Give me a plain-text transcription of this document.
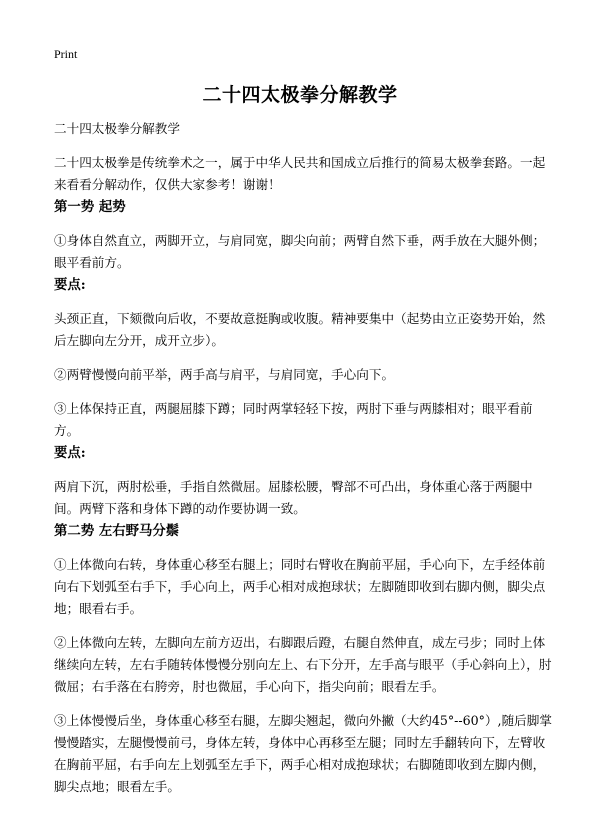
Print
二十四太极拳分解教学

二十四太极拳分解教学

二十四太极拳是传统拳术之一，属于中华人民共和国成立后推行的简易太极拳套路。一起来看看分解动作，仅供大家参考！谢谢！

第一势 起势

①身体自然直立，两脚开立，与肩同宽，脚尖向前；两臂自然下垂，两手放在大腿外侧；眼平看前方。

要点:

头颈正直，下颏微向后收，不要故意挺胸或收腹。精神要集中（起势由立正姿势开始，然后左脚向左分开，成开立步）。

②两臂慢慢向前平举，两手高与肩平，与肩同宽，手心向下。

③上体保持正直，两腿屈膝下蹲；同时两掌轻轻下按，两肘下垂与两膝相对；眼平看前方。

要点:

两肩下沉，两肘松垂，手指自然微屈。屈膝松腰，臀部不可凸出，身体重心落于两腿中间。两臂下落和身体下蹲的动作要协调一致。

第二势 左右野马分鬃

①上体微向右转，身体重心移至右腿上；同时右臂收在胸前平屈，手心向下，左手经体前向右下划弧至右手下，手心向上，两手心相对成抱球状；左脚随即收到右脚内侧，脚尖点地；眼看右手。

②上体微向左转，左脚向左前方迈出，右脚跟后蹬，右腿自然伸直，成左弓步；同时上体继续向左转，左右手随转体慢慢分别向左上、右下分开，左手高与眼平（手心斜向上），肘微屈；右手落在右胯旁，肘也微屈，手心向下，指尖向前；眼看左手。

③上体慢慢后坐，身体重心移至右腿，左脚尖翘起，微向外撇（大约45°--60°）,随后脚掌慢慢踏实，左腿慢慢前弓，身体左转，身体中心再移至左腿；同时左手翻转向下，左臂收在胸前平屈，右手向左上划弧至左手下，两手心相对成抱球状；右脚随即收到左脚内侧，脚尖点地；眼看左手。
